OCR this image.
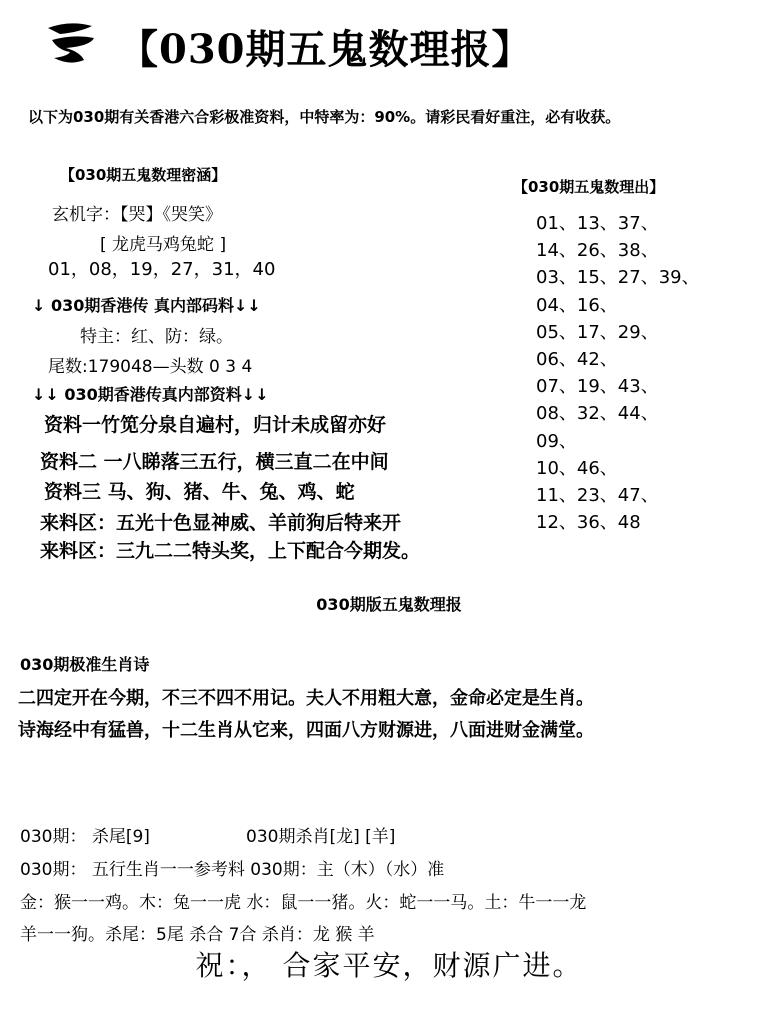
【030期五鬼数理报】
以下为030期有关香港六合彩极准资料，中特率为：90%。请彩民看好重注，必有收获。
【030期五鬼数理密涵】
玄机字：【哭】《哭笑》
[ 龙虎马鸡兔蛇 ]
01，08，19，27，31，40
↓ 030期香港传 真内部码料↓↓
特主：红、防：绿。
尾数:179048—头数 0 3 4
↓↓ 030期香港传真内部资料↓↓
资料一竹笕分泉自遍村，归计未成留亦好
资料二 一八睇落三五行，横三直二在中间
资料三 马、狗、猪、牛、兔、鸡、蛇
来料区：五光十色显神威、羊前狗后特来开
来料区：三九二二特头奖，上下配合今期发。
【030期五鬼数理出】
01、13、37、
14、26、38、
03、15、27、39、
04、16、
05、17、29、
06、42、
07、19、43、
08、32、44、
09、
10、46、
11、23、47、
12、36、48
030期版五鬼数理报
030期极准生肖诗
二四定开在今期，不三不四不用记。夫人不用粗大意，金命必定是生肖。
诗海经中有猛兽，十二生肖从它来，四面八方财源进，八面进财金满堂。
030期： 杀尾[9]	030期杀肖[龙] [羊]
030期： 五行生肖一一参考料 030期：主（木）（水）准
金：猴一一鸡。木：兔一一虎 水：鼠一一猪。火：蛇一一马。土：牛一一龙
羊一一狗。杀尾：5尾 杀合 7合 杀肖：龙 猴 羊
祝：， 合家平安，财源广进。
